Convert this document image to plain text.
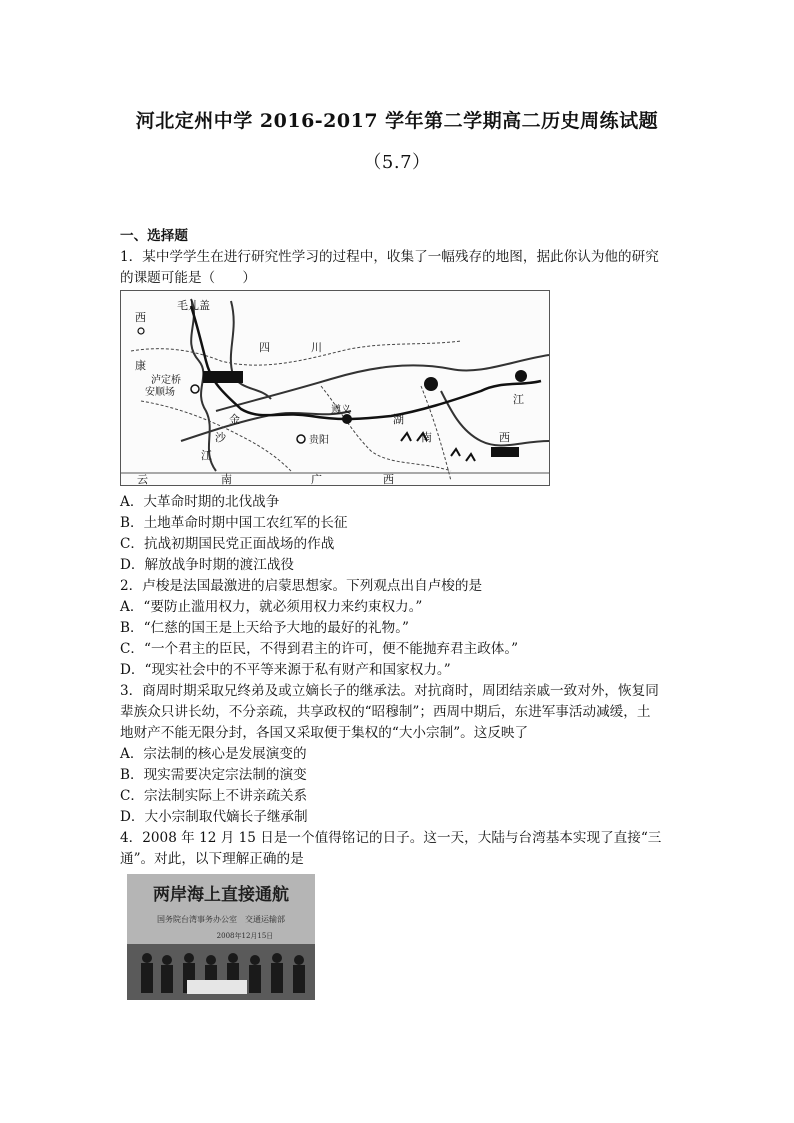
河北定州中学 2016-2017 学年第二学期高二历史周练试题
（5.7）
一、选择题
1．某中学学生在进行研究性学习的过程中，收集了一幅残存的地图，据此你认为他的研究
的课题可能是（　　）
毛儿盖
西
四	川
康
泸定桥
安顺场
金
沙
遵义
贵阳
湖
南
江
西
江
云	南	广	西
A．大革命时期的北伐战争
B．土地革命时期中国工农红军的长征
C．抗战初期国民党正面战场的作战
D．解放战争时期的渡江战役
2．卢梭是法国最激进的启蒙思想家。下列观点出自卢梭的是
A．“要防止滥用权力，就必须用权力来约束权力。”
B．“仁慈的国王是上天给予大地的最好的礼物。”
C．“一个君主的臣民，不得到君主的许可，便不能抛弃君主政体。”
D．“现实社会中的不平等来源于私有财产和国家权力。”
3．商周时期采取兄终弟及或立嫡长子的继承法。对抗商时，周团结亲戚一致对外，恢复同
辈族众只讲长幼，不分亲疏，共享政权的“昭穆制”；西周中期后，东进军事活动减缓，土
地财产不能无限分封，各国又采取便于集权的“大小宗制”。这反映了
A．宗法制的核心是发展演变的
B．现实需要决定宗法制的演变
C．宗法制实际上不讲亲疏关系
D．大小宗制取代嫡长子继承制
4．2008 年 12 月 15 日是一个值得铭记的日子。这一天，大陆与台湾基本实现了直接“三
通”。对此，以下理解正确的是
两岸海上直接通航
国务院台湾事务办公室　交通运输部
2008年12月15日
